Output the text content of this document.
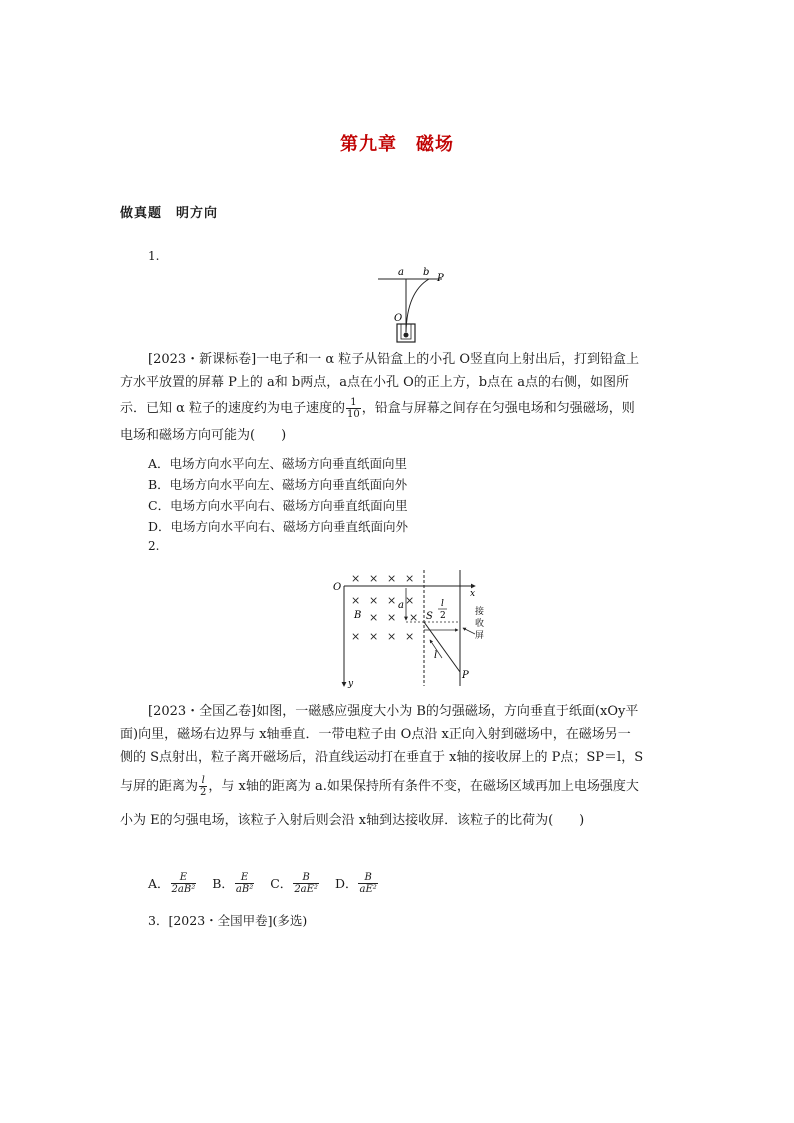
第九章　磁场
做真题　明方向
1.
a b
P
O
[2023・新课标卷]一电子和一 α 粒子从铅盒上的小孔 O竖直向上射出后，打到铅盒上
方水平放置的屏幕 P上的 a和 b两点，a点在小孔 O的正上方，b点在 a点的右侧，如图所
示．已知 α 粒子的速度约为电子速度的 $\frac{1}{10}$ ，铅盒与屏幕之间存在匀强电场和匀强磁场，则
电场和磁场方向可能为(　　)
A．电场方向水平向左、磁场方向垂直纸面向里
B．电场方向水平向左、磁场方向垂直纸面向外
C．电场方向水平向右、磁场方向垂直纸面向里
D．电场方向水平向右、磁场方向垂直纸面向外
2.
O
x
y
× × × ×
× × × ×
× × ×
× × × ×
B
a
S
l
2
l
P
接
收
屏
[2023・全国乙卷]如图，一磁感应强度大小为 B的匀强磁场，方向垂直于纸面(xOy平
面)向里，磁场右边界与 x轴垂直．一带电粒子由 O点沿 x正向入射到磁场中，在磁场另一
侧的 S点射出，粒子离开磁场后，沿直线运动打在垂直于 x轴的接收屏上的 P点；SP＝l，S
与屏的距离为 $\frac{l}{2}$ ，与 x轴的距离为 a.如果保持所有条件不变，在磁场区域再加上电场强度大
小为 E的匀强电场，该粒子入射后则会沿 x轴到达接收屏．该粒子的比荷为(　　)
A． $\frac{E}{\text{2aB²}}$ B． $\frac{E}{\text{aB²}}$ C． $\frac{B}{\text{2aE²}}$ D． $\frac{B}{\text{aE²}}$
3．[2023・全国甲卷](多选)
